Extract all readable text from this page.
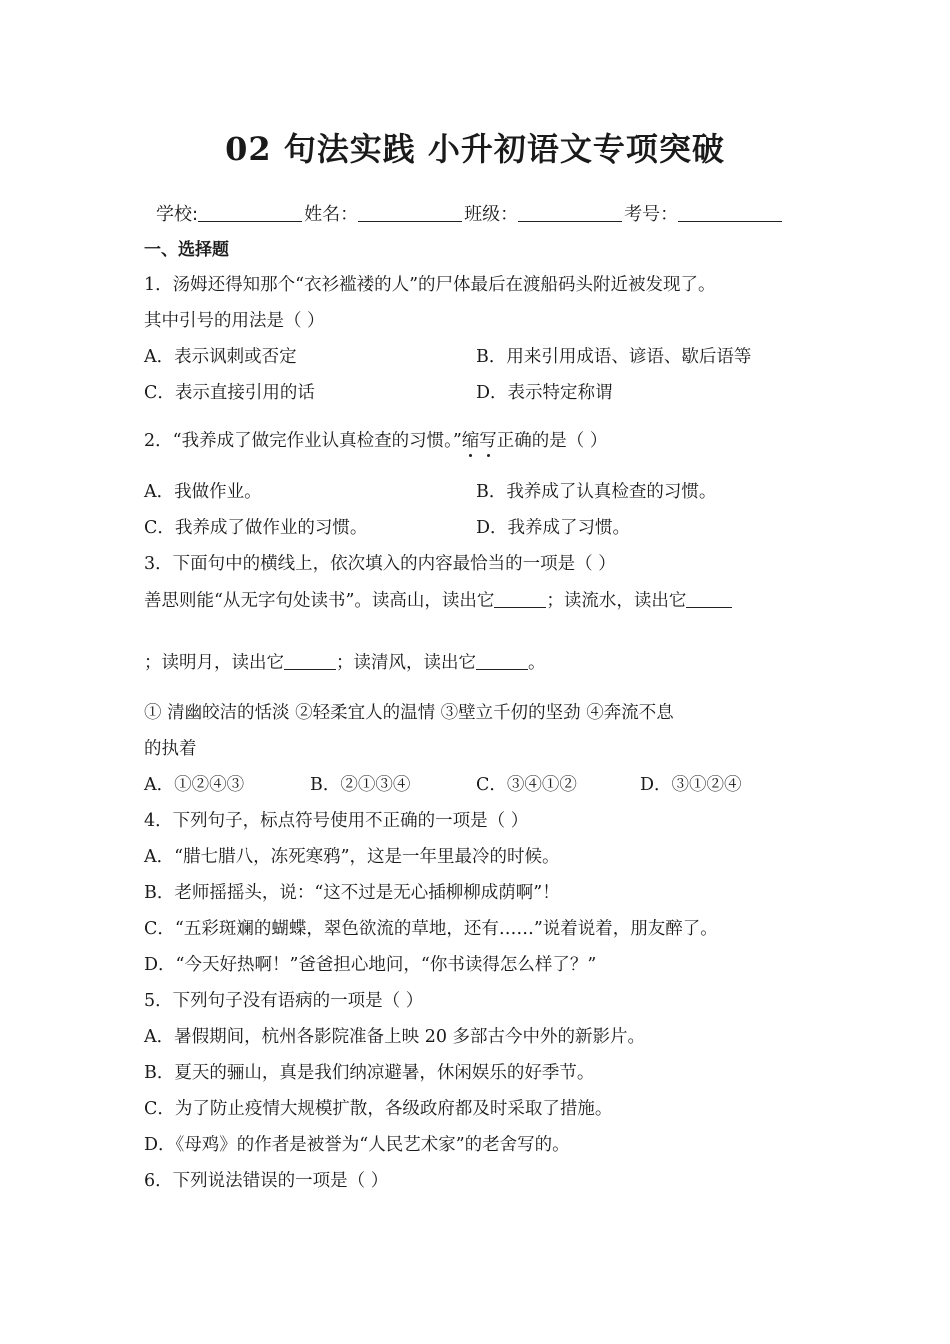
02 句法实践 小升初语文专项突破
学校:	姓名：	班级：	考号：
一、选择题
1．汤姆还得知那个“衣衫褴褛的人”的尸体最后在渡船码头附近被发现了。
其中引号的用法是（ ）
A．表示讽刺或否定	B．用来引用成语、谚语、歇后语等
C．表示直接引用的话	D．表示特定称谓
2．“我养成了做完作业认真检查的习惯。”缩写正确的是（ ）
A．我做作业。	B．我养成了认真检查的习惯。
C．我养成了做作业的习惯。	D．我养成了习惯。
3．下面句中的横线上，依次填入的内容最恰当的一项是（ ）
善思则能“从无字句处读书”。读高山，读出它	；读流水，读出它
；读明月，读出它	；读清风，读出它	。
① 清幽皎洁的恬淡 ②轻柔宜人的温情 ③壁立千仞的坚劲 ④奔流不息
的执着
A．①②④③	B．②①③④	C．③④①②	D．③①②④
4．下列句子，标点符号使用不正确的一项是（ ）
A．“腊七腊八，冻死寒鸦”，这是一年里最冷的时候。
B．老师摇摇头，说：“这不过是无心插柳柳成荫啊”！
C．“五彩斑斓的蝴蝶，翠色欲流的草地，还有……”说着说着，朋友醉了。
D．“今天好热啊！”爸爸担心地问，“你书读得怎么样了？”
5．下列句子没有语病的一项是（ ）
A．暑假期间，杭州各影院准备上映 20 多部古今中外的新影片。
B．夏天的骊山，真是我们纳凉避暑，休闲娱乐的好季节。
C．为了防止疫情大规模扩散，各级政府都及时采取了措施。
D．《母鸡》的作者是被誉为“人民艺术家”的老舍写的。
6．下列说法错误的一项是（ ）
